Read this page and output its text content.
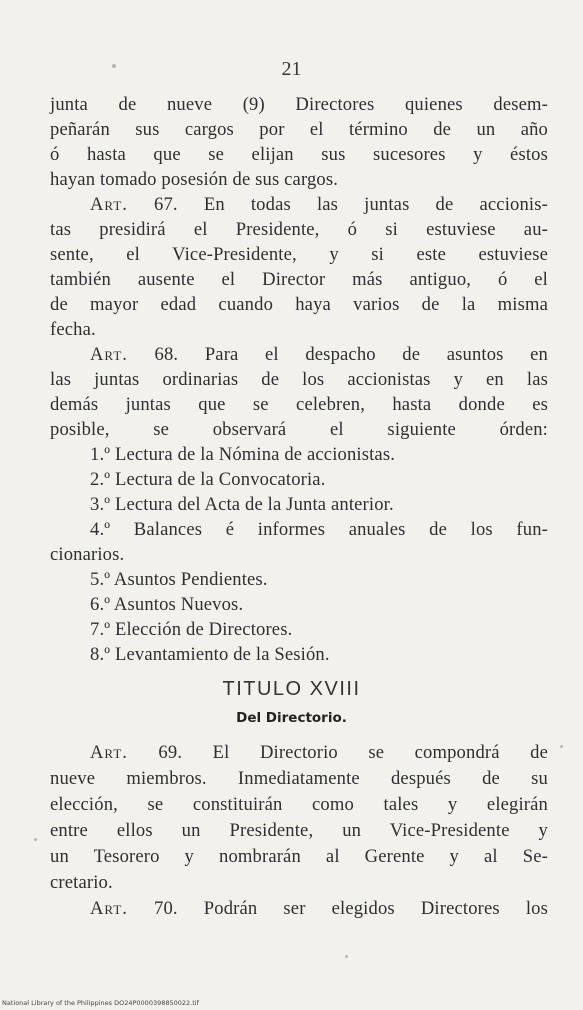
21
junta de nueve (9) Directores quienes desem-
peñarán sus cargos por el término de un año
ó hasta que se elijan sus sucesores y éstos
hayan tomado posesión de sus cargos.
Art. 67. En todas las juntas de accionis-
tas presidirá el Presidente, ó si estuviese au-
sente, el Vice-Presidente, y si este estuviese
también ausente el Director más antiguo, ó el
de mayor edad cuando haya varios de la misma
fecha.
Art. 68. Para el despacho de asuntos en
las juntas ordinarias de los accionistas y en las
demás juntas que se celebren, hasta donde es
posible, se observará el siguiente órden:
1.º Lectura de la Nómina de accionistas.
2.º Lectura de la Convocatoria.
3.º Lectura del Acta de la Junta anterior.
4.º Balances é informes anuales de los fun-
cionarios.
5.º Asuntos Pendientes.
6.º Asuntos Nuevos.
7.º Elección de Directores.
8.º Levantamiento de la Sesión.
TITULO XVIII
Del Directorio.
Art. 69. El Directorio se compondrá de
nueve miembros. Inmediatamente después de su
elección, se constituirán como tales y elegirán
entre ellos un Presidente, un Vice-Presidente y
un Tesorero y nombrarán al Gerente y al Se-
cretario.
Art. 70. Podrán ser elegidos Directores los
National Library of the Philippines DO24P0000398850022.tif
